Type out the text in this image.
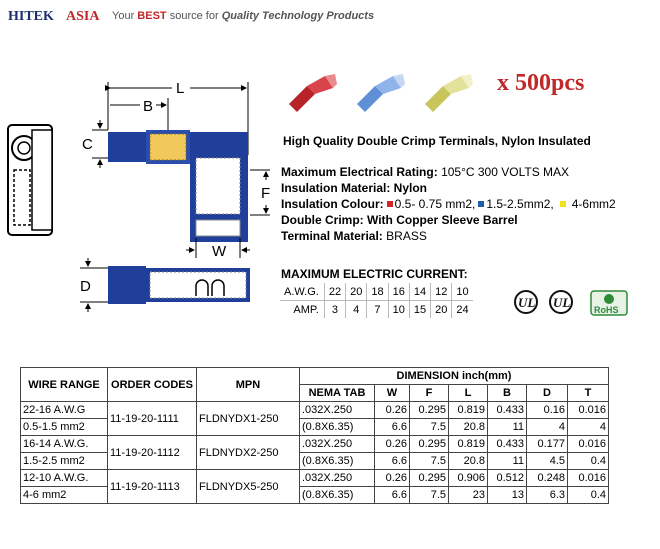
HITEK ASIA Your BEST source for Quality Technology Products
x 500pcs
L
B
C
F
W
D
High Quality Double Crimp Terminals, Nylon Insulated
Maximum Electrical Rating: 105°C 300 VOLTS MAX
Insulation Material: Nylon
Insulation Colour: 0.5- 0.75 mm2, 1.5-2.5mm2, 4-6mm2
Double Crimp: With Copper Sleeve Barrel
Terminal Material: BRASS
MAXIMUM ELECTRIC CURRENT:
A.W.G.	22	20	18	16	14	12	10
AMP.	3	4	7	10	15	20	24	UL UL	RoHS
WIRE RANGE	ORDER CODES	MPN	DIMENSION inch(mm)						
			NEMA TAB	W	F	L	B	D	T
22-16 A.W.G	11-19-20-1111	FLDNYDX1-250	.032X.250	0.26	0.295	0.819	0.433	0.16	0.016
0.5-1.5 mm2			(0.8X6.35)	6.6	7.5	20.8	11	4	4
16-14 A.W.G.	11-19-20-1112	FLDNYDX2-250	.032X.250	0.26	0.295	0.819	0.433	0.177	0.016
1.5-2.5 mm2			(0.8X6.35)	6.6	7.5	20.8	11	4.5	0.4
12-10 A.W.G.	11-19-20-1113	FLDNYDX5-250	.032X.250	0.26	0.295	0.906	0.512	0.248	0.016
4-6 mm2			(0.8X6.35)	6.6	7.5	23	13	6.3	0.4
